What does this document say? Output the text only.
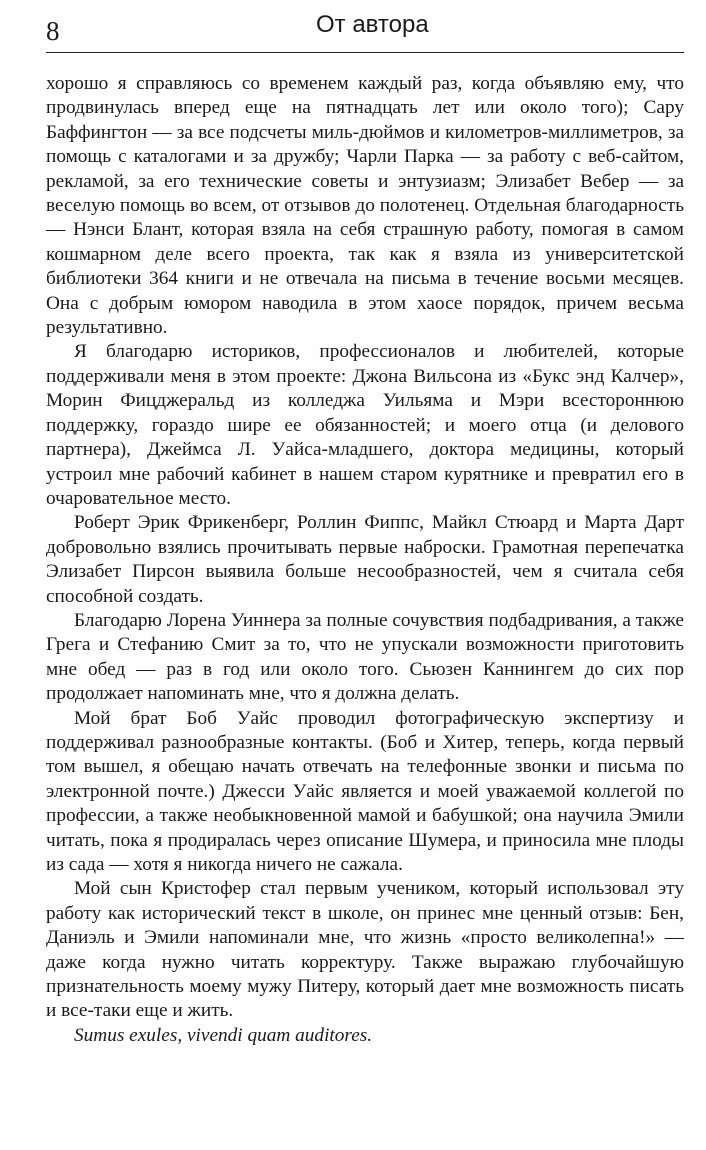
8	От автора

хорошо я справляюсь со временем каждый раз, когда объявляю ему, что продвинулась вперед еще на пятнадцать лет или около того); Сару Баффингтон — за все подсчеты миль-дюймов и километров-миллиметров, за помощь с каталогами и за дружбу; Чарли Парка — за работу с веб-сайтом, рекламой, за его технические советы и энтузиазм; Элизабет Вебер — за веселую помощь во всем, от отзывов до полотенец. Отдельная благодарность — Нэнси Блант, которая взяла на себя страшную работу, помогая в самом кошмарном деле всего проекта, так как я взяла из университетской библиотеки 364 книги и не отвечала на письма в течение восьми месяцев. Она с добрым юмором наводила в этом хаосе порядок, причем весьма результативно.

Я благодарю историков, профессионалов и любителей, которые поддерживали меня в этом проекте: Джона Вильсона из «Букс энд Калчер», Морин Фицджеральд из колледжа Уильяма и Мэри всестороннюю поддержку, гораздо шире ее обязанностей; и моего отца (и делового партнера), Джеймса Л. Уайса-младшего, доктора медицины, который устроил мне рабочий кабинет в нашем старом курятнике и превратил его в очаровательное место.

Роберт Эрик Фрикенберг, Роллин Фиппс, Майкл Стюард и Марта Дарт добровольно взялись прочитывать первые наброски. Грамотная перепечатка Элизабет Пирсон выявила больше несообразностей, чем я считала себя способной создать.

Благодарю Лорена Уиннера за полные сочувствия подбадривания, а также Грега и Стефанию Смит за то, что не упускали возможности приготовить мне обед — раз в год или около того. Сьюзен Каннингем до сих пор продолжает напоминать мне, что я должна делать.

Мой брат Боб Уайс проводил фотографическую экспертизу и поддерживал разнообразные контакты. (Боб и Хитер, теперь, когда первый том вышел, я обещаю начать отвечать на телефонные звонки и письма по электронной почте.) Джесси Уайс является и моей уважаемой коллегой по профессии, а также необыкновенной мамой и бабушкой; она научила Эмили читать, пока я продиралась через описание Шумера, и приносила мне плоды из сада — хотя я никогда ничего не сажала.

Мой сын Кристофер стал первым учеником, который использовал эту работу как исторический текст в школе, он принес мне ценный отзыв: Бен, Даниэль и Эмили напоминали мне, что жизнь «просто великолепна!» — даже когда нужно читать корректуру. Также выражаю глубочайшую признательность моему мужу Питеру, который дает мне возможность писать и все-таки еще и жить.

Sumus exules, vivendi quam auditores.
